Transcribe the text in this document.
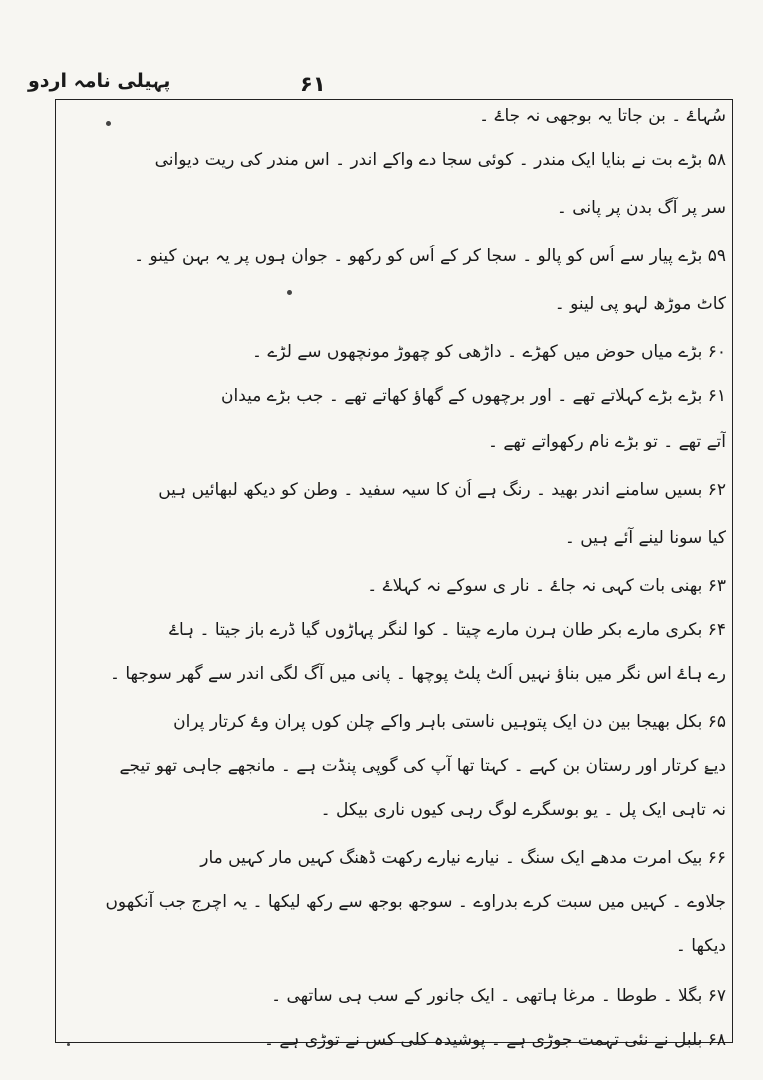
پہیلی نامہ اردو	۶۱

سُہاۓ ۔ بن جاتا یہ بوجھی نہ جاۓ ۔

۵۸ بڑے بت نے بنایا ایک مندر ۔ کوئی سجا دے واکے اندر ۔ اس مندر کی ریت دیوانی

سر پر آگ بدن پر پانی ۔

۵۹ بڑے پیار سے اُس کو پالو ۔ سجا کر کے اُس کو رکھو ۔ جوان ہوں پر یہ بہن کینو ۔

کاٹ موڑھ لہو پی لینو ۔

۶۰ بڑے میاں حوض میں کھڑے ۔ داڑھی کو چھوڑ مونچھوں سے لڑے ۔

۶۱ بڑے بڑے کہلاتے تھے ۔ اور برچھوں کے گھاؤ کھاتے تھے ۔ جب بڑے میدان

آتے تھے ۔ تو بڑے نام رکھواتے تھے ۔

۶۲ بسیں سامنے اندر بھید ۔ رنگ ہے اُن کا سیہ سفید ۔ وطن کو دیکھ لبھائیں ہیں

کیا سونا لینے آئے ہیں ۔

۶۳ بھنی بات کہی نہ جاۓ ۔ نار ی سوکے نہ کہلاۓ ۔

۶۴ بکری مارے بکر طان ہرن مارے چیتا ۔ کوا لنگر پہاڑوں گیا ڈرے باز جیتا ۔ ہاۓ

رے ہاۓ اس نگر میں بناؤ نہیں اُلٹ پلٹ پوچھا ۔ پانی میں آگ لگی اندر سے گھر سوجھا ۔

۶۵ بکل بھیجا بین دن ایک پتوہیں ناستی باہر واکے چلن کوں پران وۓ کرتار پران

دیۓ کرتار اور رستان بن کہے ۔ کہتا تھا آپ کی گوپی پنڈت ہے ۔ مانجھے جاہی تھو تیجے

نہ تاہی ایک پل ۔ یو بوسگرے لوگ رہی کیوں ناری بیکل ۔

۶۶ بیک امرت مدھے ایک سنگ ۔ نیارے نیارے رکھت ڈھنگ کہیں مار کہیں مار

جلاوے ۔ کہیں میں سبت کرے بدراوے ۔ سوجھ بوجھ سے رکھ لیکھا ۔ یہ اچرج جب آنکھوں

دیکھا ۔

۶۷ بگلا ۔ طوطا ۔ مرغا ہاتھی ۔ ایک جانور کے سب ہی ساتھی ۔

۶۸ بلبل نے نئی تہمت جوڑی ہے ۔ پوشیدہ کلی کس نے توڑی ہے ۔
